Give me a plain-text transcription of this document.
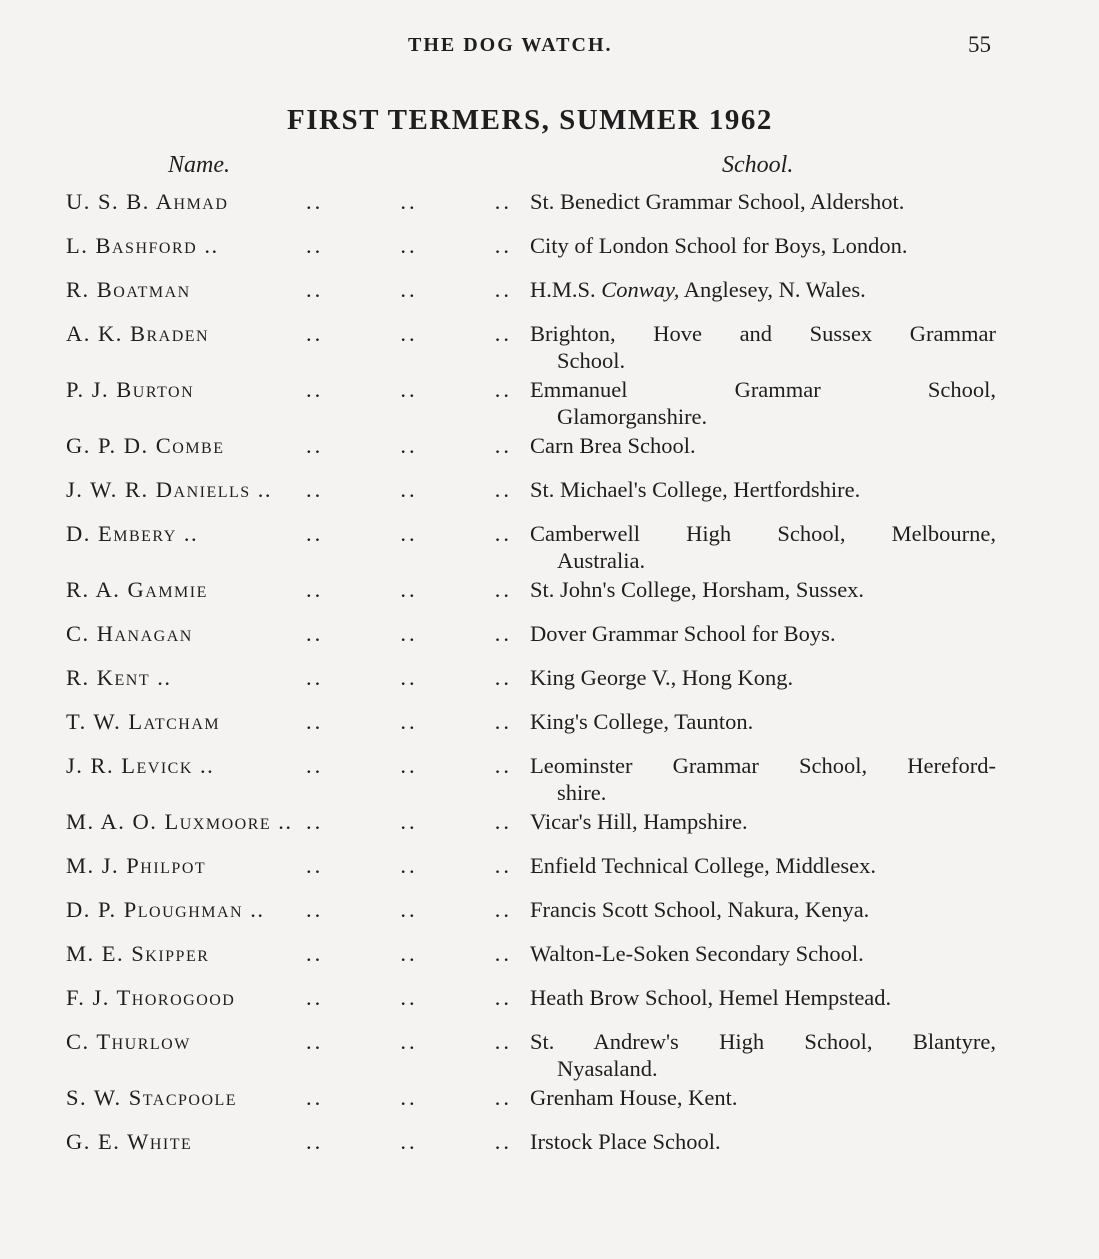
THE DOG WATCH.	55
FIRST TERMERS, SUMMER 1962
Name.	School.
U. S. B. Ahmad	..	..	.. St. Benedict Grammar School, Aldershot.
L. Bashford ..	..	..	.. City of London School for Boys, London.
R. Boatman	..	..	.. H.M.S. Conway, Anglesey, N. Wales.
A. K. Braden	..	..	.. Brighton, Hove and Sussex Grammar
School.
P. J. Burton	..	..	.. Emmanuel Grammar School,
Glamorganshire.
G. P. D. Combe	..	..	.. Carn Brea School.
J. W. R. Daniells ..	..	..	.. St. Michael's College, Hertfordshire.
D. Embery ..	..	..	.. Camberwell High School, Melbourne,
Australia.
R. A. Gammie	..	..	.. St. John's College, Horsham, Sussex.
C. Hanagan	..	..	.. Dover Grammar School for Boys.
R. Kent ..	..	..	.. King George V., Hong Kong.
T. W. Latcham	..	..	.. King's College, Taunton.
J. R. Levick ..	..	..	.. Leominster Grammar School, Hereford-
shire.
M. A. O. Luxmoore .. ..	..	.. Vicar's Hill, Hampshire.
M. J. Philpot	..	..	.. Enfield Technical College, Middlesex.
D. P. Ploughman ..	..	..	.. Francis Scott School, Nakura, Kenya.
M. E. Skipper	..	..	.. Walton-Le-Soken Secondary School.
F. J. Thorogood	..	..	.. Heath Brow School, Hemel Hempstead.
C. Thurlow	..	..	.. St. Andrew's High School, Blantyre,
Nyasaland.
S. W. Stacpoole	..	..	.. Grenham House, Kent.
G. E. White	..	..	.. Irstock Place School.
